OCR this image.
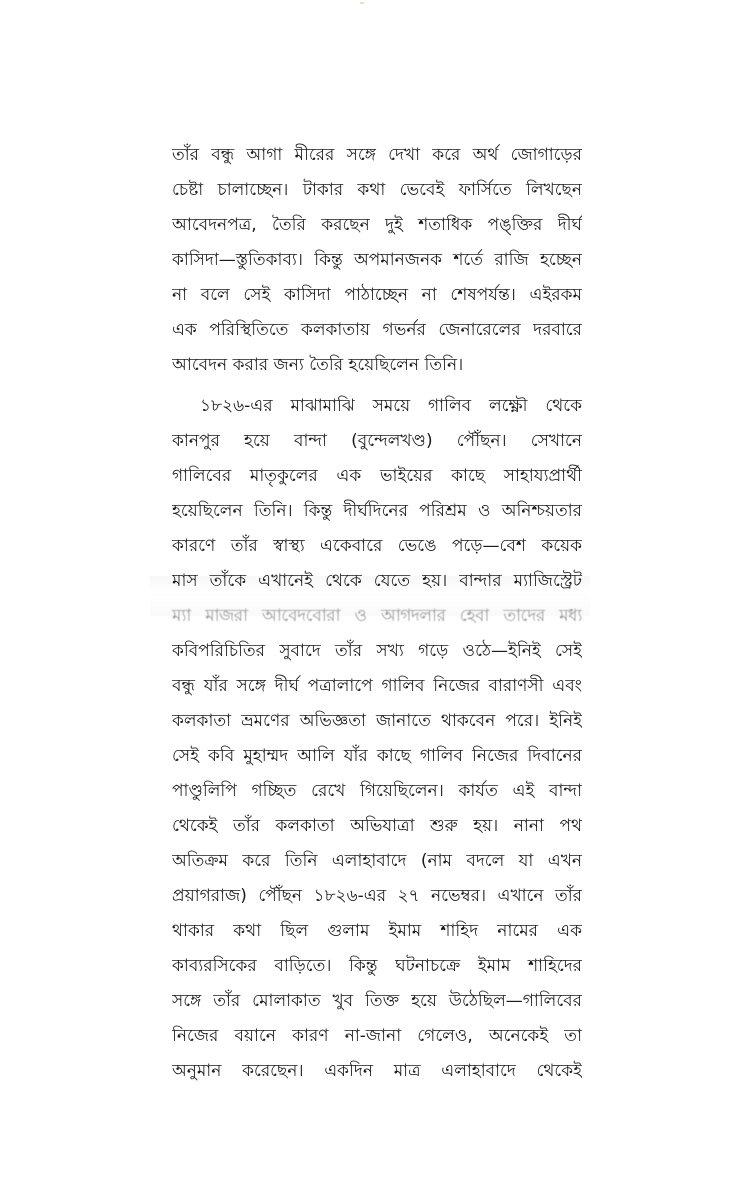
তাঁর বন্ধু আগা মীরের সঙ্গে দেখা করে অর্থ জোগাড়ের
চেষ্টা চালাচ্ছেন। টাকার কথা ভেবেই ফার্সিতে লিখছেন
আবেদনপত্র, তৈরি করছেন দুই শতাধিক পঙ্‌ক্তির দীর্ঘ
কাসিদা—স্তুতিকাব্য। কিন্তু অপমানজনক শর্তে রাজি হচ্ছেন
না বলে সেই কাসিদা পাঠাচ্ছেন না শেষপর্যন্ত। এইরকম
এক পরিস্থিতিতে কলকাতায় গভর্নর জেনারেলের দরবারে
আবেদন করার জন্য তৈরি হয়েছিলেন তিনি।
১৮২৬-এর মাঝামাঝি সময়ে গালিব লক্ষ্ণৌ থেকে
কানপুর হয়ে বান্দা (বুন্দেলখণ্ড) পৌঁছন। সেখানে
গালিবের মাতৃকুলের এক ভাইয়ের কাছে সাহায্যপ্রার্থী
হয়েছিলেন তিনি। কিন্তু দীর্ঘদিনের পরিশ্রম ও অনিশ্চয়তার
কারণে তাঁর স্বাস্থ্য একেবারে ভেঙে পড়ে—বেশ কয়েক
মাস তাঁকে এখানেই থেকে যেতে হয়। বান্দার ম্যাজিস্ট্রেট
ম্যা মাজরা আবেদবোরা ও আগদলার হেবা তাদের মধ্য
কবিপরিচিতির সুবাদে তাঁর সখ্য গড়ে ওঠে—ইনিই সেই
বন্ধু যাঁর সঙ্গে দীর্ঘ পত্রালাপে গালিব নিজের বারাণসী এবং
কলকাতা ভ্রমণের অভিজ্ঞতা জানাতে থাকবেন পরে। ইনিই
সেই কবি মুহাম্মদ আলি যাঁর কাছে গালিব নিজের দিবানের
পাণ্ডুলিপি গচ্ছিত রেখে গিয়েছিলেন। কার্যত এই বান্দা
থেকেই তাঁর কলকাতা অভিযাত্রা শুরু হয়। নানা পথ
অতিক্রম করে তিনি এলাহাবাদে (নাম বদলে যা এখন
প্রয়াগরাজ) পৌঁছন ১৮২৬-এর ২৭ নভেম্বর। এখানে তাঁর
থাকার কথা ছিল গুলাম ইমাম শাহিদ নামের এক
কাব্যরসিকের বাড়িতে। কিন্তু ঘটনাচক্রে ইমাম শাহিদের
সঙ্গে তাঁর মোলাকাত খুব তিক্ত হয়ে উঠেছিল—গালিবের
নিজের বয়ানে কারণ না-জানা গেলেও, অনেকেই তা
অনুমান করেছেন। একদিন মাত্র এলাহাবাদে থেকেই
